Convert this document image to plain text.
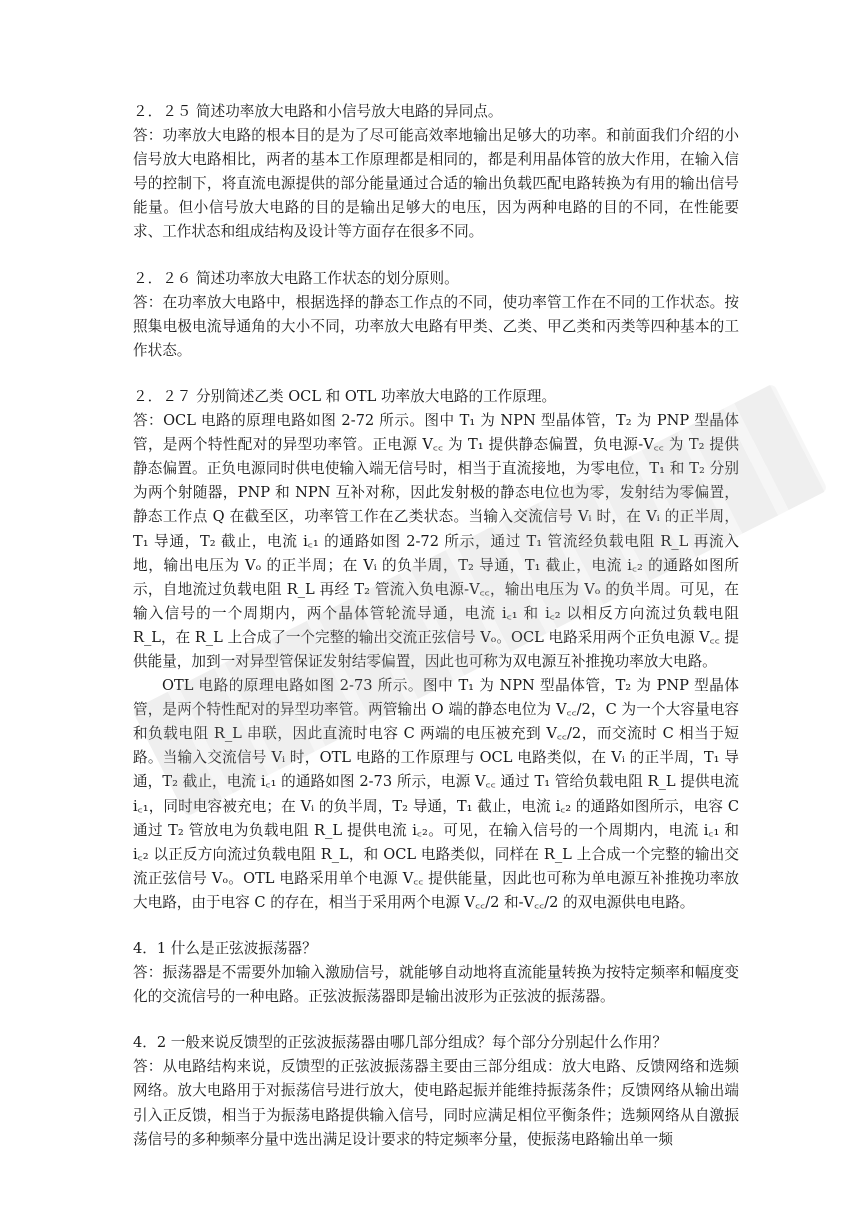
２．２５ 简述功率放大电路和小信号放大电路的异同点。

答：功率放大电路的根本目的是为了尽可能高效率地输出足够大的功率。和前面我们介绍的小信号放大电路相比，两者的基本工作原理都是相同的，都是利用晶体管的放大作用，在输入信号的控制下，将直流电源提供的部分能量通过合适的输出负载匹配电路转换为有用的输出信号能量。但小信号放大电路的目的是输出足够大的电压，因为两种电路的目的不同，在性能要求、工作状态和组成结构及设计等方面存在很多不同。

２．２６ 简述功率放大电路工作状态的划分原则。

答：在功率放大电路中，根据选择的静态工作点的不同，使功率管工作在不同的工作状态。按照集电极电流导通角的大小不同，功率放大电路有甲类、乙类、甲乙类和丙类等四种基本的工作状态。

２．２７ 分别简述乙类 OCL 和 OTL 功率放大电路的工作原理。

答：OCL 电路的原理电路如图 2-72 所示。图中 T₁ 为 NPN 型晶体管，T₂ 为 PNP 型晶体管，是两个特性配对的异型功率管。正电源 V꜀꜀ 为 T₁ 提供静态偏置，负电源-V꜀꜀ 为 T₂ 提供静态偏置。正负电源同时供电使输入端无信号时，相当于直流接地，为零电位，T₁ 和 T₂ 分别为两个射随器，PNP 和 NPN 互补对称，因此发射极的静态电位也为零，发射结为零偏置，静态工作点 Q 在截至区，功率管工作在乙类状态。当输入交流信号 Vᵢ 时，在 Vᵢ 的正半周，T₁ 导通，T₂ 截止，电流 i꜀₁ 的通路如图 2-72 所示，通过 T₁ 管流经负载电阻 R_L 再流入地，输出电压为 Vₒ 的正半周；在 Vᵢ 的负半周，T₂ 导通，T₁ 截止，电流 i꜀₂ 的通路如图所示，自地流过负载电阻 R_L 再经 T₂ 管流入负电源-V꜀꜀，输出电压为 Vₒ 的负半周。可见，在输入信号的一个周期内，两个晶体管轮流导通，电流 i꜀₁ 和 i꜀₂ 以相反方向流过负载电阻 R_L，在 R_L 上合成了一个完整的输出交流正弦信号 Vₒ。OCL 电路采用两个正负电源 V꜀꜀ 提供能量，加到一对异型管保证发射结零偏置，因此也可称为双电源互补推挽功率放大电路。

OTL 电路的原理电路如图 2-73 所示。图中 T₁ 为 NPN 型晶体管，T₂ 为 PNP 型晶体管，是两个特性配对的异型功率管。两管输出 O 端的静态电位为 V꜀꜀/2，C 为一个大容量电容和负载电阻 R_L 串联，因此直流时电容 C 两端的电压被充到 V꜀꜀/2，而交流时 C 相当于短路。当输入交流信号 Vᵢ 时，OTL 电路的工作原理与 OCL 电路类似，在 Vᵢ 的正半周，T₁ 导通，T₂ 截止，电流 i꜀₁ 的通路如图 2-73 所示，电源 V꜀꜀ 通过 T₁ 管给负载电阻 R_L 提供电流 i꜀₁，同时电容被充电；在 Vᵢ 的负半周，T₂ 导通，T₁ 截止，电流 i꜀₂ 的通路如图所示，电容 C 通过 T₂ 管放电为负载电阻 R_L 提供电流 i꜀₂。可见，在输入信号的一个周期内，电流 i꜀₁ 和 i꜀₂ 以正反方向流过负载电阻 R_L，和 OCL 电路类似，同样在 R_L 上合成一个完整的输出交流正弦信号 Vₒ。OTL 电路采用单个电源 V꜀꜀ 提供能量，因此也可称为单电源互补推挽功率放大电路，由于电容 C 的存在，相当于采用两个电源 V꜀꜀/2 和-V꜀꜀/2 的双电源供电电路。

4．1 什么是正弦波振荡器？

答：振荡器是不需要外加输入激励信号，就能够自动地将直流能量转换为按特定频率和幅度变化的交流信号的一种电路。正弦波振荡器即是输出波形为正弦波的振荡器。

4．2 一般来说反馈型的正弦波振荡器由哪几部分组成？每个部分分别起什么作用？

答：从电路结构来说，反馈型的正弦波振荡器主要由三部分组成：放大电路、反馈网络和选频网络。放大电路用于对振荡信号进行放大，使电路起振并能维持振荡条件；反馈网络从输出端引入正反馈，相当于为振荡电路提供输入信号，同时应满足相位平衡条件；选频网络从自激振荡信号的多种频率分量中选出满足设计要求的特定频率分量，使振荡电路输出单一频
